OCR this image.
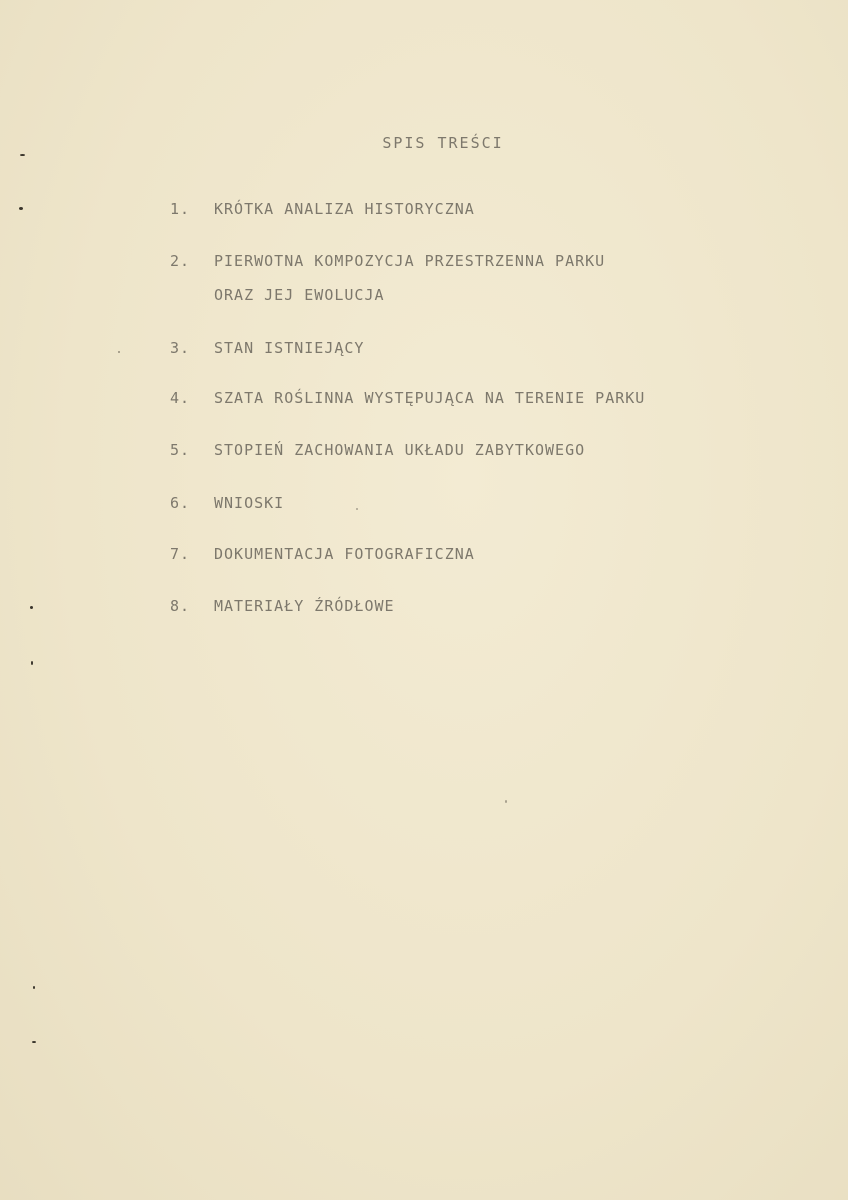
SPIS TREŚCI
1. KRÓTKA ANALIZA HISTORYCZNA
2. PIERWOTNA KOMPOZYCJA PRZESTRZENNA PARKU
ORAZ JEJ EWOLUCJA
3. STAN ISTNIEJĄCY
4. SZATA ROŚLINNA WYSTĘPUJĄCA NA TERENIE PARKU
5. STOPIEŃ ZACHOWANIA UKŁADU ZABYTKOWEGO
6. WNIOSKI
7. DOKUMENTACJA FOTOGRAFICZNA
8. MATERIAŁY ŹRÓDŁOWE
